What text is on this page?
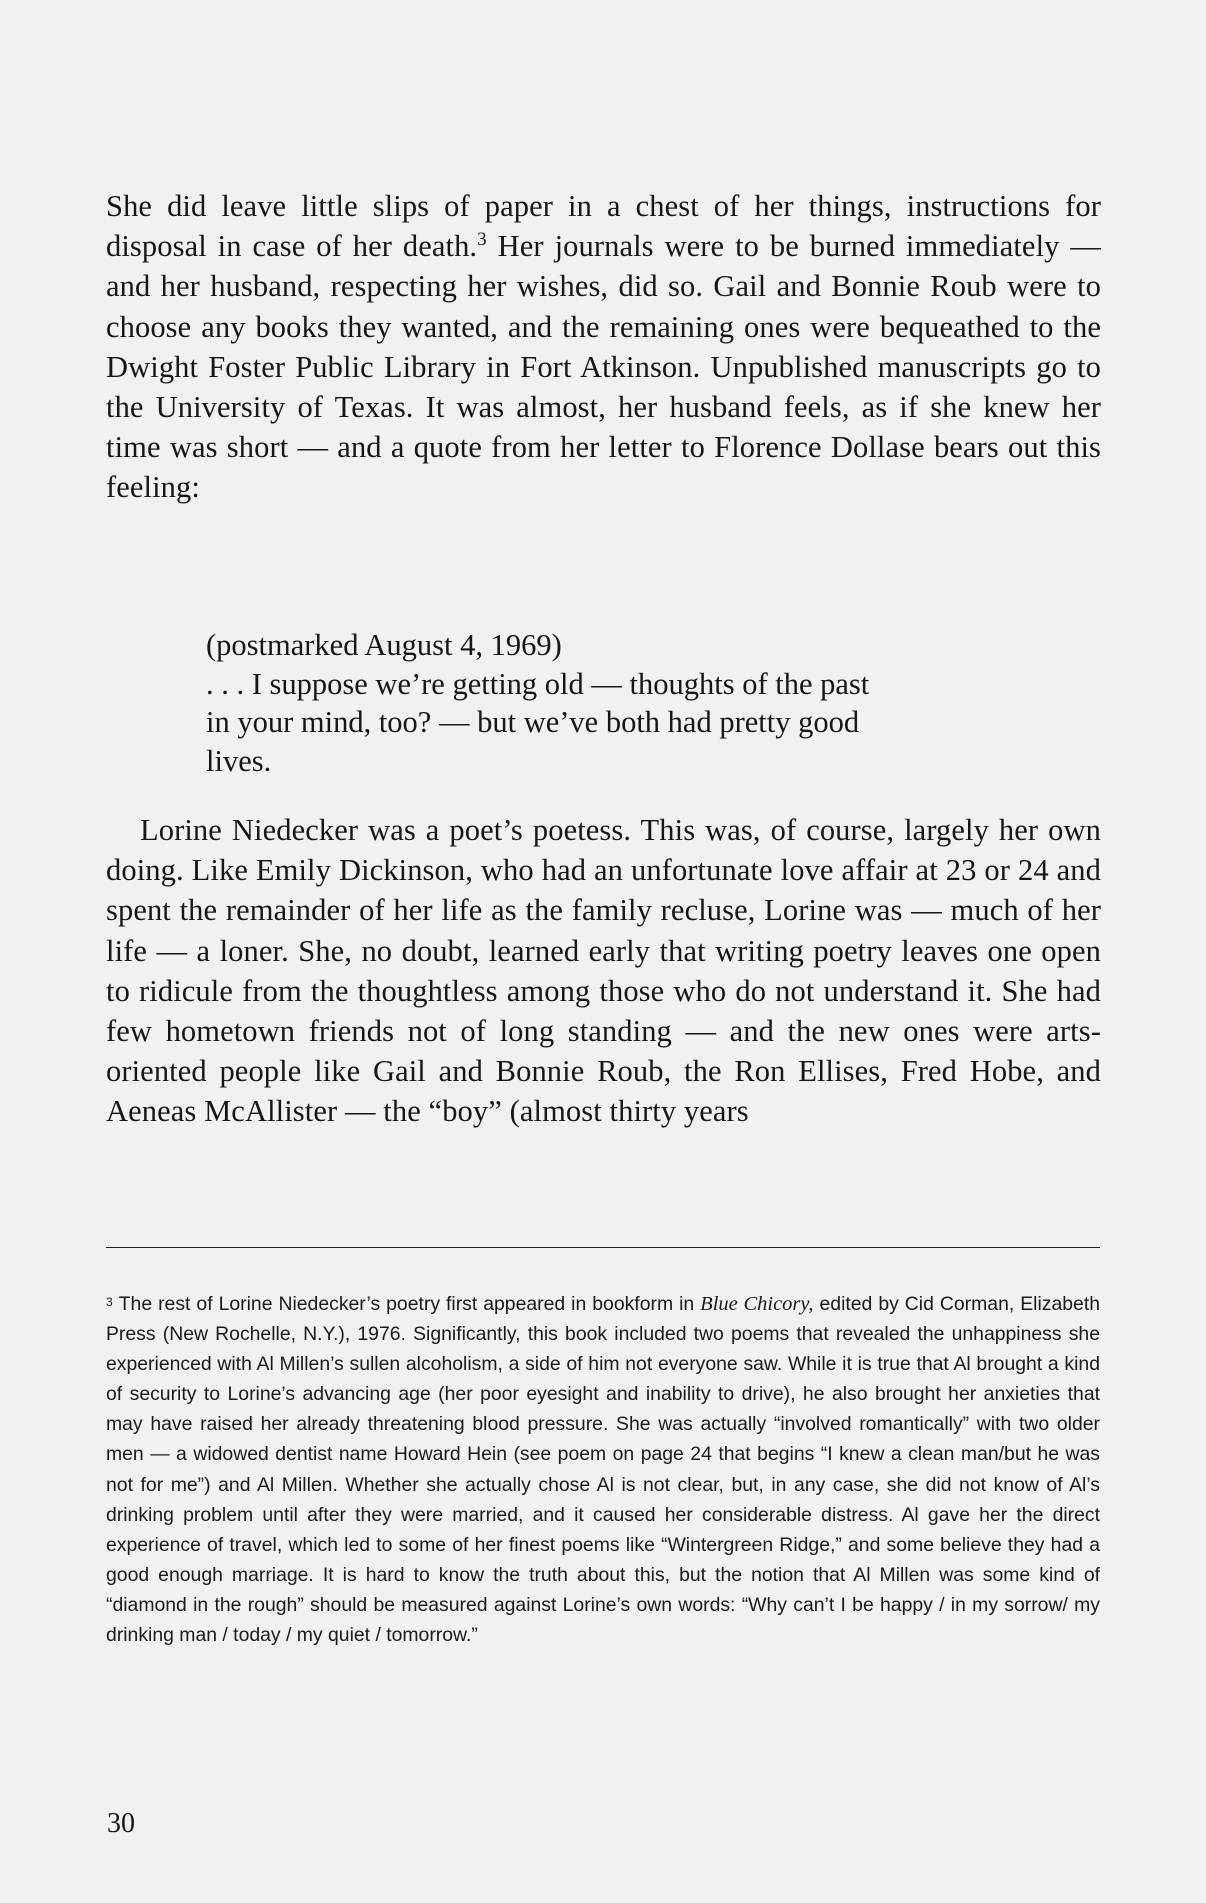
She did leave little slips of paper in a chest of her things, instructions for disposal in case of her death.$^3$ Her journals were to be burned immediately — and her husband, respecting her wishes, did so. Gail and Bonnie Roub were to choose any books they wanted, and the remaining ones were bequeathed to the Dwight Foster Public Library in Fort Atkinson. Unpublished manuscripts go to the University of Texas. It was almost, her husband feels, as if she knew her time was short — and a quote from her letter to Florence Dollase bears out this feeling:

(postmarked August 4, 1969)
. . . I suppose we’re getting old — thoughts of the past
in your mind, too? — but we’ve both had pretty good
lives.

Lorine Niedecker was a poet’s poetess. This was, of course, largely her own doing. Like Emily Dickinson, who had an unfortunate love affair at 23 or 24 and spent the remainder of her life as the family recluse, Lorine was — much of her life — a loner. She, no doubt, learned early that writing poetry leaves one open to ridicule from the thoughtless among those who do not understand it. She had few hometown friends not of long standing — and the new ones were arts-oriented people like Gail and Bonnie Roub, the Ron Ellises, Fred Hobe, and Aeneas McAllister — the “boy” (almost thirty years

$^3$ The rest of Lorine Niedecker’s poetry first appeared in bookform in Blue Chicory, edited by Cid Corman, Elizabeth Press (New Rochelle, N.Y.), 1976. Significantly, this book included two poems that revealed the unhappiness she experienced with Al Millen’s sullen alcoholism, a side of him not everyone saw. While it is true that Al brought a kind of security to Lorine’s advancing age (her poor eyesight and inability to drive), he also brought her anxieties that may have raised her already threatening blood pressure. She was actually “involved romantically” with two older men — a widowed dentist name Howard Hein (see poem on page 24 that begins “I knew a clean man/but he was not for me”) and Al Millen. Whether she actually chose Al is not clear, but, in any case, she did not know of Al’s drinking problem until after they were married, and it caused her considerable distress. Al gave her the direct experience of travel, which led to some of her finest poems like “Wintergreen Ridge,” and some believe they had a good enough marriage. It is hard to know the truth about this, but the notion that Al Millen was some kind of “diamond in the rough” should be measured against Lorine’s own words: “Why can’t I be happy / in my sorrow/ my drinking man / today / my quiet / tomorrow.”
30
